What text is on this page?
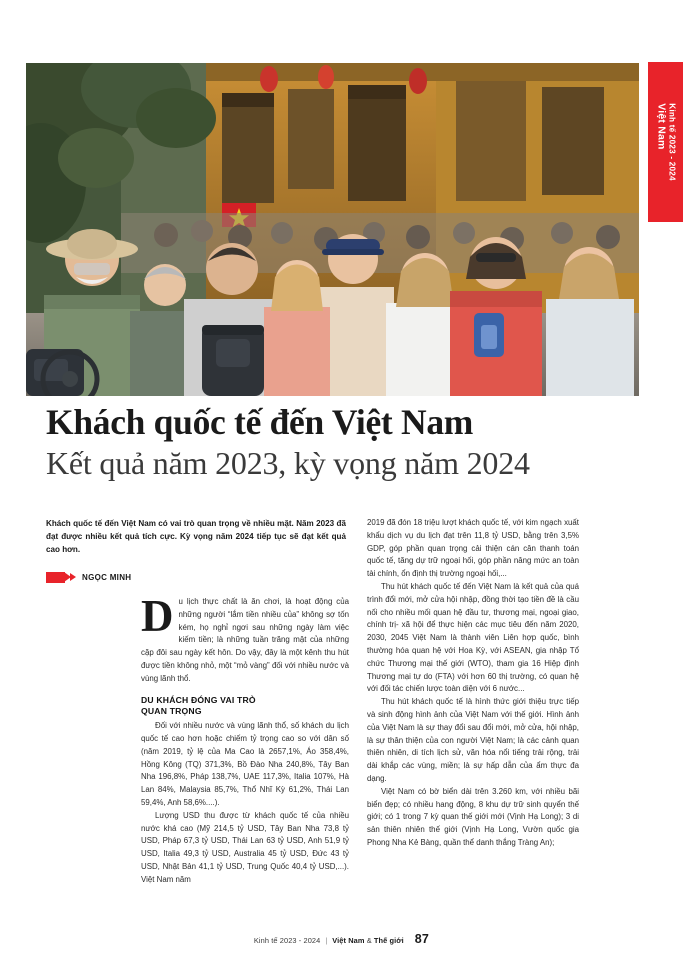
Kinh tế 2023 - 2024
Việt Nam
Khách quốc tế đến Việt Nam
Kết quả năm 2023, kỳ vọng năm 2024
Khách quốc tế đến Việt Nam có vai trò quan trọng về nhiều mặt. Năm 2023 đã đạt được nhiều kết quả tích cực. Kỳ vọng năm 2024 tiếp tục sẽ đạt kết quả cao hơn.
NGỌC MINH

Du lịch thực chất là ăn chơi, là hoạt động của những người “lắm tiền nhiều của” không sợ tốn kém, họ nghỉ ngơi sau những ngày làm việc kiếm tiền; là những tuần trăng mật của những cặp đôi sau ngày kết hôn. Do vậy, đây là một kênh thu hút được tiền không nhỏ, một “mỏ vàng” đối với nhiều nước và vùng lãnh thổ.

DU KHÁCH ĐÓNG VAI TRÒ
QUAN TRỌNG

Đối với nhiều nước và vùng lãnh thổ, số khách du lịch quốc tế cao hơn hoặc chiếm tỷ trọng cao so với dân số (năm 2019, tỷ lệ của Ma Cao là 2657,1%, Áo 358,4%, Hồng Kông (TQ) 371,3%, Bồ Đào Nha 240,8%, Tây Ban Nha 196,8%, Pháp 138,7%, UAE 117,3%, Italia 107%, Hà Lan 84%, Malaysia 85,7%, Thổ Nhĩ Kỳ 61,2%, Thái Lan 59,4%, Anh 58,6%....).

Lượng USD thu được từ khách quốc tế của nhiều nước khá cao (Mỹ 214,5 tỷ USD, Tây Ban Nha 73,8 tỷ USD, Pháp 67,3 tỷ USD, Thái Lan 63 tỷ USD, Anh 51,9 tỷ USD, Italia 49,3 tỷ USD, Australia 45 tỷ USD, Đức 43 tỷ USD, Nhật Bản 41,1 tỷ USD, Trung Quốc 40,4 tỷ USD,...). Việt Nam năm

2019 đã đón 18 triệu lượt khách quốc tế, với kim ngạch xuất khẩu dịch vụ du lịch đạt trên 11,8 tỷ USD, bằng trên 3,5% GDP, góp phần quan trọng cải thiện cán cân thanh toán quốc tế, tăng dự trữ ngoại hối, góp phần nâng mức an toàn tài chính, ổn định thị trường ngoại hối,...

Thu hút khách quốc tế đến Việt Nam là kết quả của quá trình đổi mới, mở cửa hội nhập, đồng thời tạo tiền đề là cầu nối cho nhiều mối quan hệ đầu tư, thương mại, ngoại giao, chính trị- xã hội để thực hiện các mục tiêu đến năm 2020, 2030, 2045 Việt Nam là thành viên Liên hợp quốc, bình thường hóa quan hệ với Hoa Kỳ, với ASEAN, gia nhập Tổ chức Thương mại thế giới (WTO), tham gia 16 Hiệp định Thương mại tự do (FTA) với hơn 60 thị trường, có quan hệ với đối tác chiến lược toàn diện với 6 nước...

Thu hút khách quốc tế là hình thức giới thiệu trực tiếp và sinh động hình ảnh của Việt Nam với thế giới. Hình ảnh của Việt Nam là sự thay đổi sau đổi mới, mở cửa, hội nhập, là sự thân thiện của con người Việt Nam; là các cảnh quan thiên nhiên, di tích lịch sử, văn hóa nổi tiếng trải rộng, trải dài khắp các vùng, miền; là sự hấp dẫn của ẩm thực đa dạng.

Việt Nam có bờ biển dài trên 3.260 km, với nhiều bãi biển đẹp; có nhiều hang động, 8 khu dự trữ sinh quyển thế giới; có 1 trong 7 kỳ quan thế giới mới (Vịnh Hạ Long); 3 di sản thiên nhiên thế giới (Vịnh Hạ Long, Vườn quốc gia Phong Nha Kẻ Bàng, quần thể danh thắng Tràng An);

Kinh tế 2023 - 2024 | Việt Nam & Thế giới 87
